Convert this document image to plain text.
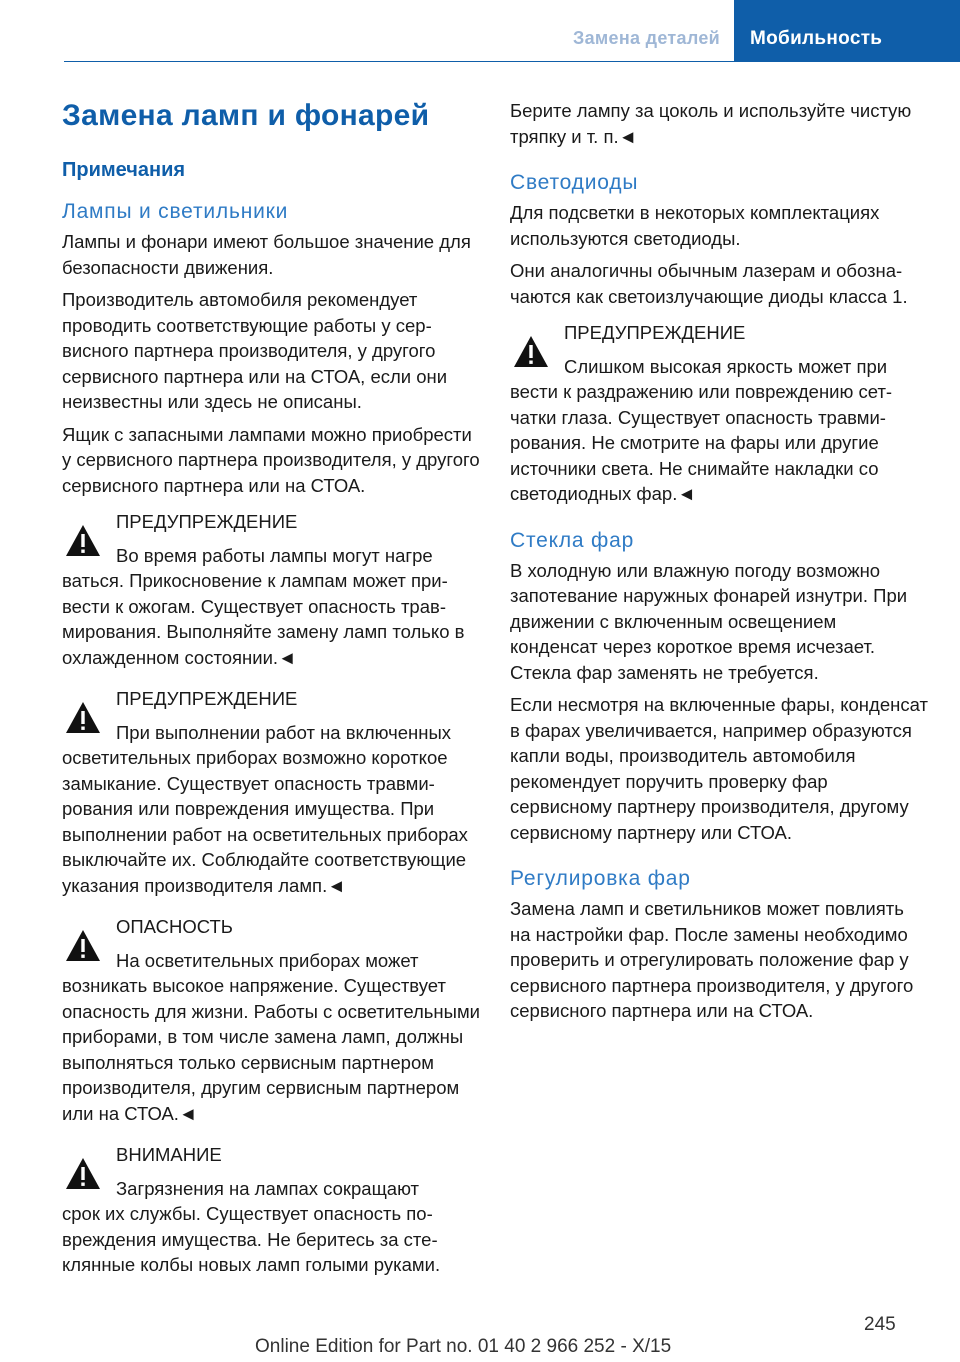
Замена деталей	Мобильность
Замена ламп и фонарей
Примечания
Лампы и светильники

Лампы и фонари имеют большое значение для безопасности движения.

Производитель автомобиля рекомендует проводить соответствующие работы у сервисного партнера производителя, у другого сервисного партнера или на СТОА, если они неизвестны или здесь не описаны.

Ящик с запасными лампами можно приобрести у сервисного партнера производителя, у другого сервисного партнера или на СТОА.

ПРЕДУПРЕЖДЕНИЕ
Во время работы лампы могут нагре

ваться. Прикосновение к лампам может привести к ожогам. Существует опасность травмирования. Выполняйте замену ламп только в охлажденном состоянии.◄

ПРЕДУПРЕЖДЕНИЕ
При выполнении работ на включенных

осветительных приборах возможно короткое замыкание. Существует опасность травмирования или повреждения имущества. При выполнении работ на осветительных приборах выключайте их. Соблюдайте соответствующие указания производителя ламп.◄

ОПАСНОСТЬ
На осветительных приборах может

возникать высокое напряжение. Существует опасность для жизни. Работы с осветительными приборами, в том числе замена ламп, должны выполняться только сервисным партнером производителя, другим сервисным партнером или на СТОА.◄

ВНИМАНИЕ
Загрязнения на лампах сокращают

срок их службы. Существует опасность повреждения имущества. Не беритесь за стеклянные колбы новых ламп голыми руками.

Берите лампу за цоколь и используйте чистую тряпку и т. п.◄

Светодиоды

Для подсветки в некоторых комплектациях используются светодиоды.

Они аналогичны обычным лазерам и обозначаются как светоизлучающие диоды класса 1.

ПРЕДУПРЕЖДЕНИЕ
Слишком высокая яркость может при

вести к раздражению или повреждению сетчатки глаза. Существует опасность травмирования. Не смотрите на фары или другие источники света. Не снимайте накладки со светодиодных фар.◄

Стекла фар

В холодную или влажную погоду возможно запотевание наружных фонарей изнутри. При движении с включенным освещением конденсат через короткое время исчезает. Стекла фар заменять не требуется.

Если несмотря на включенные фары, конденсат в фарах увеличивается, например образуются капли воды, производитель автомобиля рекомендует поручить проверку фар сервисному партнеру производителя, другому сервисному партнеру или СТОА.

Регулировка фар

Замена ламп и светильников может повлиять на настройки фар. После замены необходимо проверить и отрегулировать положение фар у сервисного партнера производителя, у другого сервисного партнера или на СТОА.

245
Online Edition for Part no. 01 40 2 966 252 - X/15
